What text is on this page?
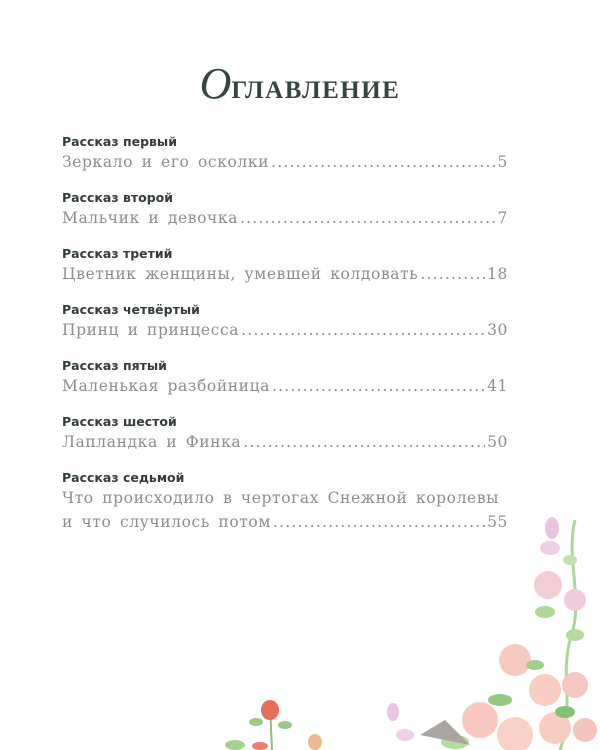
ОГЛАВЛЕНИЕ
Рассказ первый
Зеркало и его осколки .....	5
Рассказ второй
Мальчик и девочка .....	7
Рассказ третий
Цветник женщины, умевшей колдовать .....	18
Рассказ четвёртый
Принц и принцесса .....	30
Рассказ пятый
Маленькая разбойница .....	41
Рассказ шестой
Лапландка и Финка .....	50
Рассказ седьмой
Что происходило в чертогах Снежной королевы
и что случилось потом .....	55
